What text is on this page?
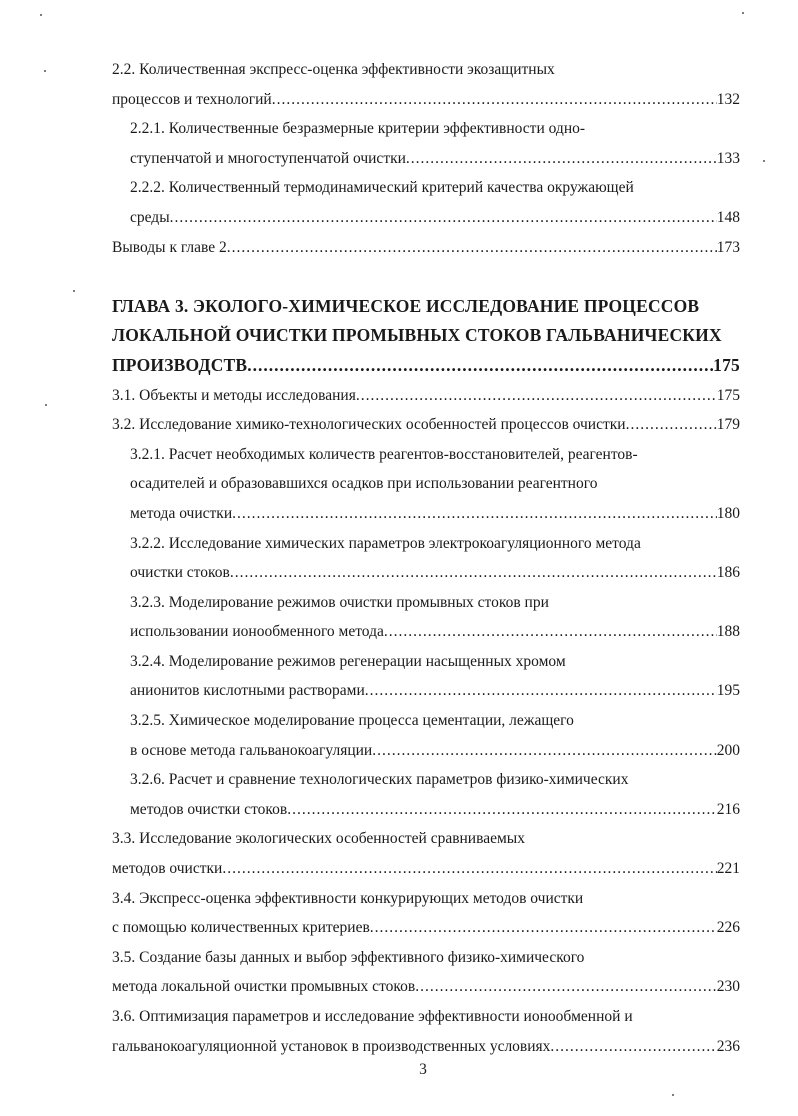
2.2. Количественная экспресс-оценка эффективности экозащитных
процессов и технологий .....	132
2.2.1. Количественные безразмерные критерии эффективности одно-
ступенчатой и многоступенчатой очистки .....	133
2.2.2. Количественный термодинамический критерий качества окружающей
среды .....	148
Выводы к главе 2 .....	173
ГЛАВА 3. ЭКОЛОГО-ХИМИЧЕСКОЕ ИССЛЕДОВАНИЕ ПРОЦЕССОВ
ЛОКАЛЬНОЙ ОЧИСТКИ ПРОМЫВНЫХ СТОКОВ ГАЛЬВАНИЧЕСКИХ
ПРОИЗВОДСТВ .....	175
3.1. Объекты и методы исследования .....	175
3.2. Исследование химико-технологических особенностей процессов очистки .....	179
3.2.1. Расчет необходимых количеств реагентов-восстановителей, реагентов-
осадителей и образовавшихся осадков при использовании реагентного
метода очистки .....	180
3.2.2. Исследование химических параметров электрокоагуляционного метода
очистки стоков .....	186
3.2.3. Моделирование режимов очистки промывных стоков при
использовании ионообменного метода .....	188
3.2.4. Моделирование режимов регенерации насыщенных хромом
анионитов кислотными растворами .....	195
3.2.5. Химическое моделирование процесса цементации, лежащего
в основе метода гальванокоагуляции .....	200
3.2.6. Расчет и сравнение технологических параметров физико-химических
методов очистки стоков .....	216
3.3. Исследование экологических особенностей сравниваемых
методов очистки .....	221
3.4. Экспресс-оценка эффективности конкурирующих методов очистки
с помощью количественных критериев .....	226
3.5. Создание базы данных и выбор эффективного физико-химического
метода локальной очистки промывных стоков .....	230
3.6. Оптимизация параметров и исследование эффективности ионообменной и
гальванокоагуляционной установок в производственных условиях .....	236
3
